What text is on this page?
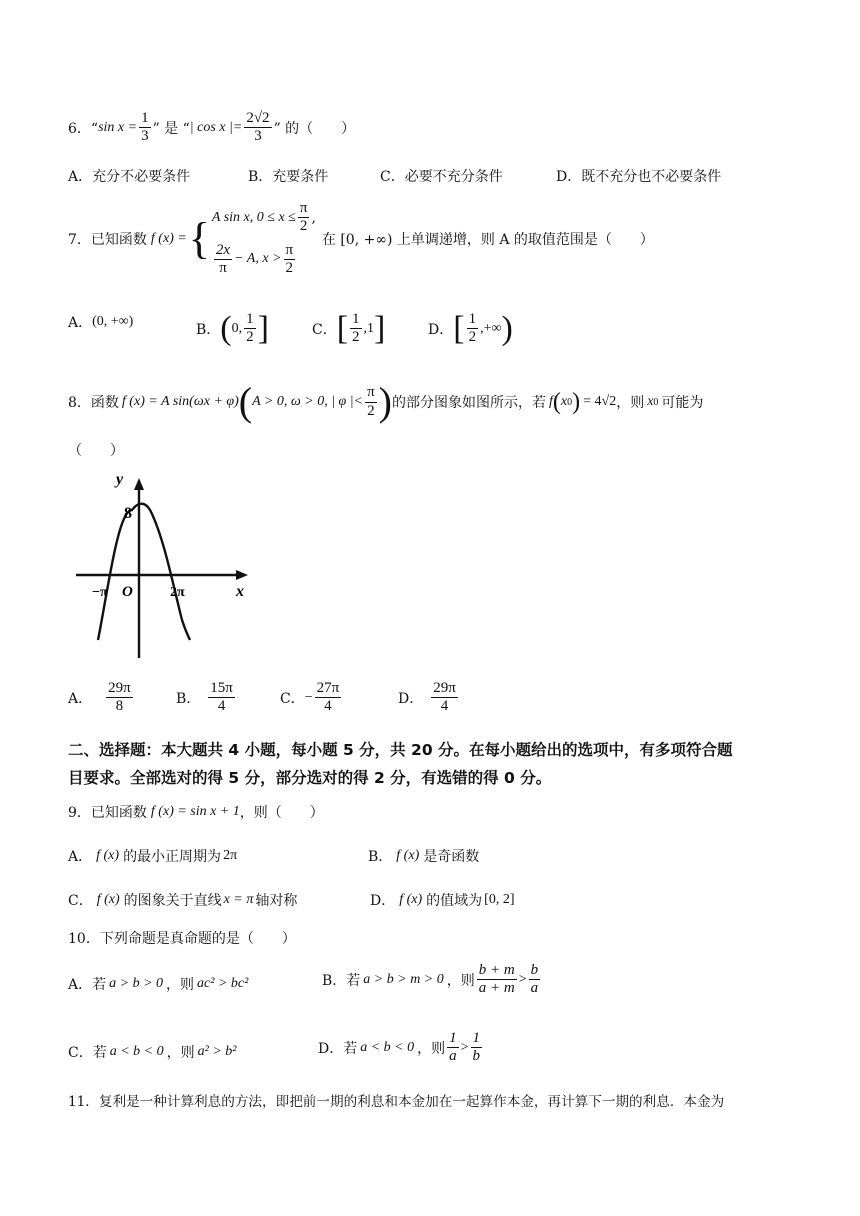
6．“ $\sin x = \frac{1}{3}$ ” 是 “ | cos x |= $\frac{2√2}{3}$ ” 的（　　）
A．充分不必要条件	B．充要条件	C．必要不充分条件	D．既不充分也不必要条件
7．已知函数 f (x) = { A sin x, $0 \le x \le \frac{\pi}{2}$ ,
$\frac{2x}{\pi} - A$, $x > \frac{\pi}{2}$
在 [0, +∞) 上单调递增，则 A 的取值范围是（　　）
A． (0, +∞)
B． ( 0, $\frac{1}{2}$ ]	C． [ $\frac{1}{2} ,1$ ]	D． [ $\frac{1}{2}$ ,+∞ )
8．函数 f (x) = A sin(ωx + φ) ( A > 0, ω > 0, | φ |< $\frac{\pi}{2}$ ) 的部分图象如图所示，若 f ( x 0 ) = 4√2 ，则 x 0 可能为
（　　）
y
8
−π O	2π	x
A． $\frac{29\pi}{8}$	B． $\frac{15\pi}{4}$	C． − $\frac{27\pi}{4}$	D． $\frac{29\pi}{4}$
二、选择题：本大题共 4 小题，每小题 5 分，共 20 分。在每小题给出的选项中，有多项符合题
目要求。全部选对的得 5 分，部分选对的得 2 分，有选错的得 0 分。
9．已知函数 f (x) = sin x + 1 ，则（　　）
A． f (x) 的最小正周期为 2π	B． f (x) 是奇函数
C． f (x) 的图象关于直线 x = π 轴对称	D． f (x) 的值域为 [0, 2]
10．下列命题是真命题的是（　　）
A．若 a > b > 0 ，则 ac² > bc²	B．若 a > b > m > 0 ，则 $\frac{b + m}{a + m} > \frac{b}{a}$
C．若 a < b < 0 ，则 a² > b²	D．若 a < b < 0 ，则 $\frac{1}{a} > \frac{1}{b}$
11．复利是一种计算利息的方法，即把前一期的利息和本金加在一起算作本金，再计算下一期的利息．本金为
